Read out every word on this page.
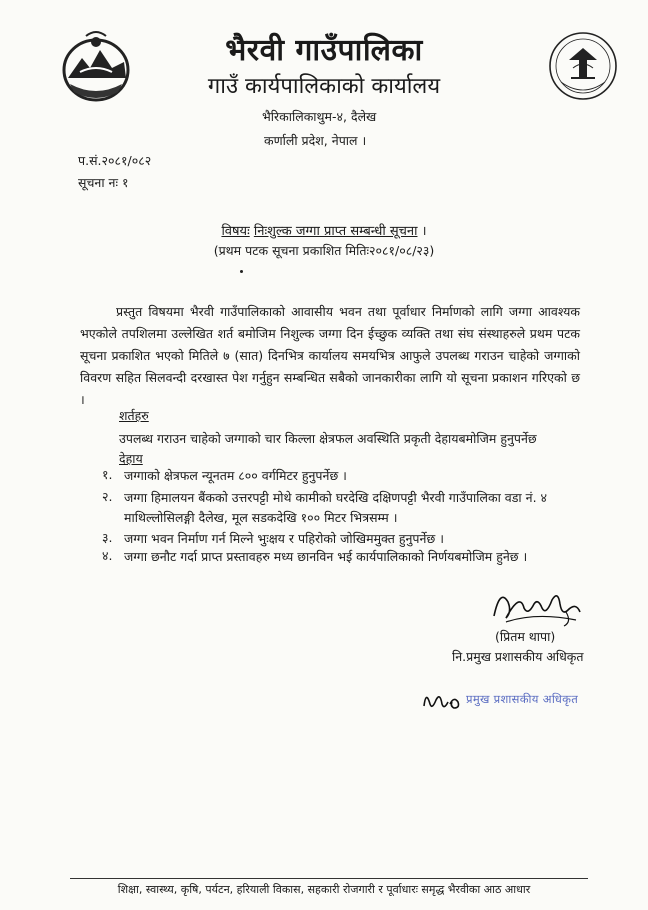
भैरवी गाउँपालिका
गाउँ कार्यपालिकाको कार्यालय
भैरिकालिकाथुम-४, दैलेख
कर्णाली प्रदेश, नेपाल ।
प.सं.२०८१/०८२
सूचना नः १
विषयः निःशुल्क जग्गा प्राप्त सम्बन्धी सूचना ।
(प्रथम पटक सूचना प्रकाशित मितिः२०८१/०८/२३)
प्रस्तुत विषयमा भैरवी गाउँपालिकाको आवासीय भवन तथा पूर्वाधार निर्माणको लागि जग्गा आवश्यक भएकोले तपशिलमा उल्लेखित शर्त बमोजिम निशुल्क जग्गा दिन ईच्छुक व्यक्ति तथा संघ संस्थाहरुले प्रथम पटक सूचना प्रकाशित भएको मितिले ७ (सात) दिनभित्र कार्यालय समयभित्र आफुले उपलब्ध गराउन चाहेको जग्गाको विवरण सहित सिलवन्दी दरखास्त पेश गर्नुहुन सम्बन्धित सबैको जानकारीका लागि यो सूचना प्रकाशन गरिएको छ ।
शर्तहरु
उपलब्ध गराउन चाहेको जग्गाको चार किल्ला क्षेत्रफल अवस्थिति प्रकृती देहायबमोजिम हुनुपर्नेछ
देहाय
१. जग्गाको क्षेत्रफल न्यूनतम ८०० वर्गमिटर हुनुपर्नेछ ।
२. जग्गा हिमालयन बैंकको उत्तरपट्टी मोथे कामीको घरदेखि दक्षिणपट्टी भैरवी गाउँपालिका वडा नं. ४ माथिल्लोसिलङ्गी दैलेख, मूल सडकदेखि १०० मिटर भित्रसम्म ।
३. जग्गा भवन निर्माण गर्न मिल्ने भुःक्षय र पहिरोको जोखिममुक्त हुनुपर्नेछ ।
४. जग्गा छनौट गर्दा प्राप्त प्रस्तावहरु मध्य छानविन भई कार्यपालिकाको निर्णयबमोजिम हुनेछ ।
(प्रितम थापा)
नि.प्रमुख प्रशासकीय अधिकृत
प्रमुख प्रशासकीय अधिकृत
शिक्षा, स्वास्थ्य, कृषि, पर्यटन, हरियाली विकास, सहकारी रोजगारी र पूर्वाधारः समृद्ध भैरवीका आठ आधार
